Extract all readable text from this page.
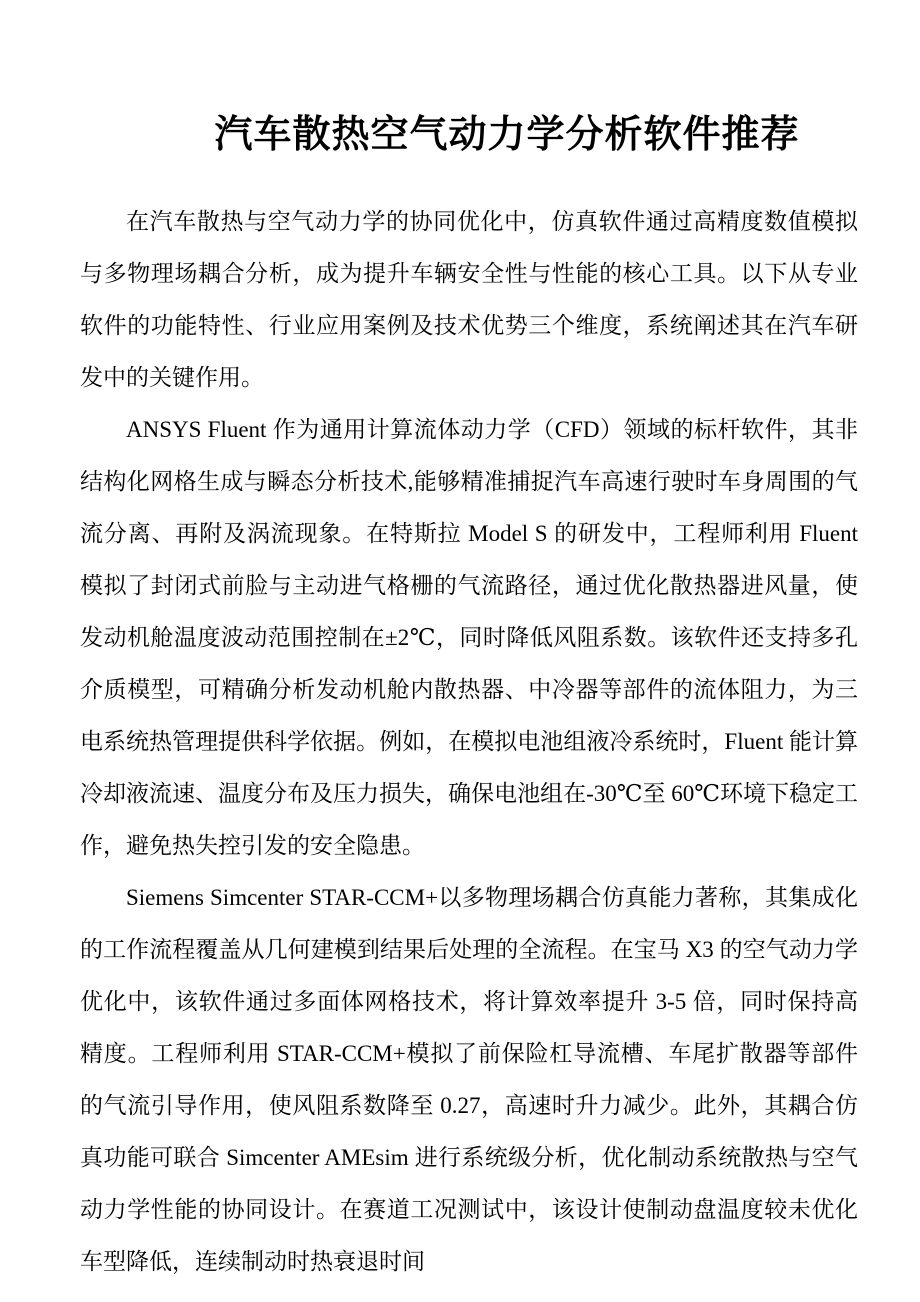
汽车散热空气动力学分析软件推荐

在汽车散热与空气动力学的协同优化中，仿真软件通过高精度数值模拟与多物理场耦合分析，成为提升车辆安全性与性能的核心工具。以下从专业软件的功能特性、行业应用案例及技术优势三个维度，系统阐述其在汽车研发中的关键作用。

ANSYS Fluent 作为通用计算流体动力学（CFD）领域的标杆软件，其非结构化网格生成与瞬态分析技术,能够精准捕捉汽车高速行驶时车身周围的气流分离、再附及涡流现象。在特斯拉 Model S 的研发中，工程师利用 Fluent 模拟了封闭式前脸与主动进气格栅的气流路径，通过优化散热器进风量，使发动机舱温度波动范围控制在±2℃，同时降低风阻系数。该软件还支持多孔介质模型，可精确分析发动机舱内散热器、中冷器等部件的流体阻力，为三电系统热管理提供科学依据。例如，在模拟电池组液冷系统时，Fluent 能计算冷却液流速、温度分布及压力损失，确保电池组在-30℃至 60℃环境下稳定工作，避免热失控引发的安全隐患。

Siemens Simcenter STAR-CCM+以多物理场耦合仿真能力著称，其集成化的工作流程覆盖从几何建模到结果后处理的全流程。在宝马 X3 的空气动力学优化中，该软件通过多面体网格技术，将计算效率提升 3-5 倍，同时保持高精度。工程师利用 STAR-CCM+模拟了前保险杠导流槽、车尾扩散器等部件的气流引导作用，使风阻系数降至 0.27，高速时升力减少。此外，其耦合仿真功能可联合 Simcenter AMEsim 进行系统级分析，优化制动系统散热与空气动力学性能的协同设计。在赛道工况测试中，该设计使制动盘温度较未优化车型降低，连续制动时热衰退时间
